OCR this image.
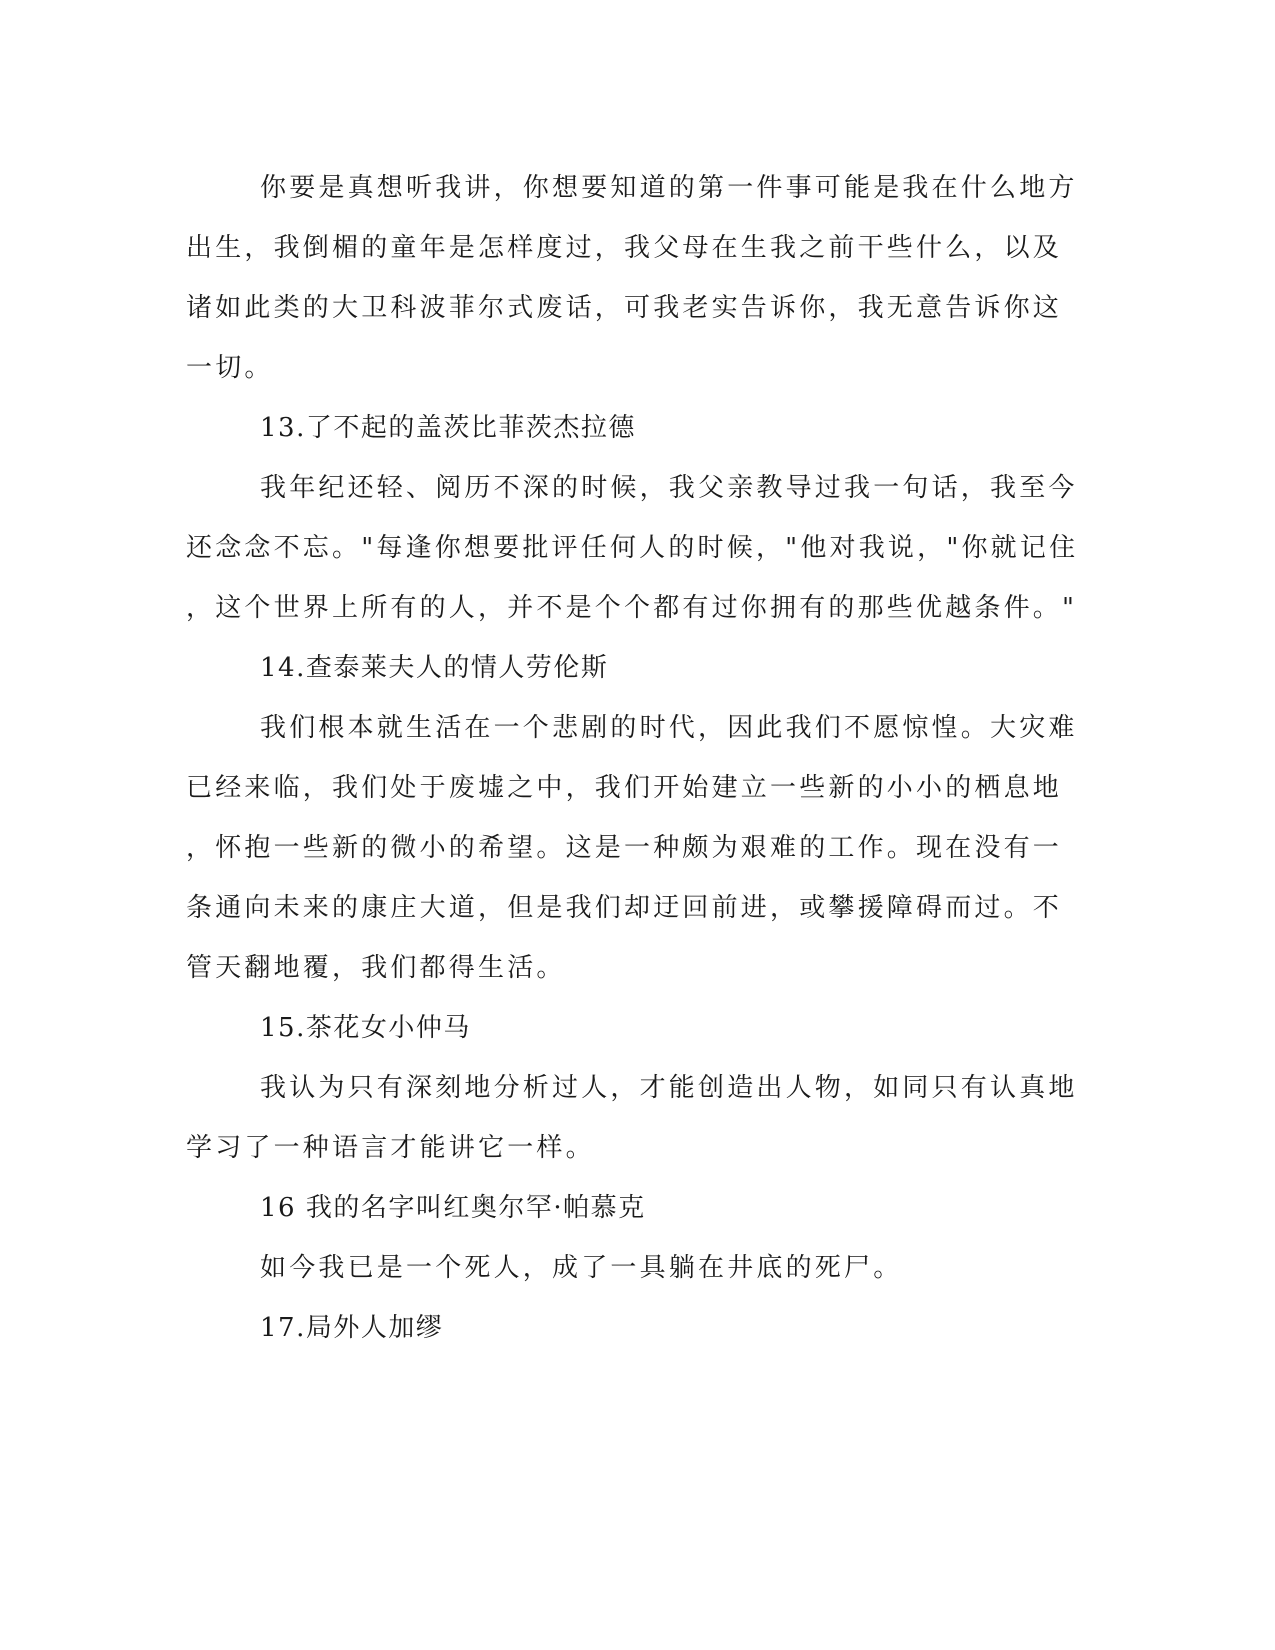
你要是真想听我讲，你想要知道的第一件事可能是我在什么地方
出生，我倒楣的童年是怎样度过，我父母在生我之前干些什么，以及
诸如此类的大卫科波菲尔式废话，可我老实告诉你，我无意告诉你这
一切。
13.了不起的盖茨比菲茨杰拉德
我年纪还轻、阅历不深的时候，我父亲教导过我一句话，我至今
还念念不忘。"每逢你想要批评任何人的时候，"他对我说，"你就记住
，这个世界上所有的人，并不是个个都有过你拥有的那些优越条件。"
14.查泰莱夫人的情人劳伦斯
我们根本就生活在一个悲剧的时代，因此我们不愿惊惶。大灾难
已经来临，我们处于废墟之中，我们开始建立一些新的小小的栖息地
，怀抱一些新的微小的希望。这是一种颇为艰难的工作。现在没有一
条通向未来的康庄大道，但是我们却迂回前进，或攀援障碍而过。不
管天翻地覆，我们都得生活。
15.茶花女小仲马
我认为只有深刻地分析过人，才能创造出人物，如同只有认真地
学习了一种语言才能讲它一样。
16 我的名字叫红奥尔罕·帕慕克
如今我已是一个死人，成了一具躺在井底的死尸。
17.局外人加缪
